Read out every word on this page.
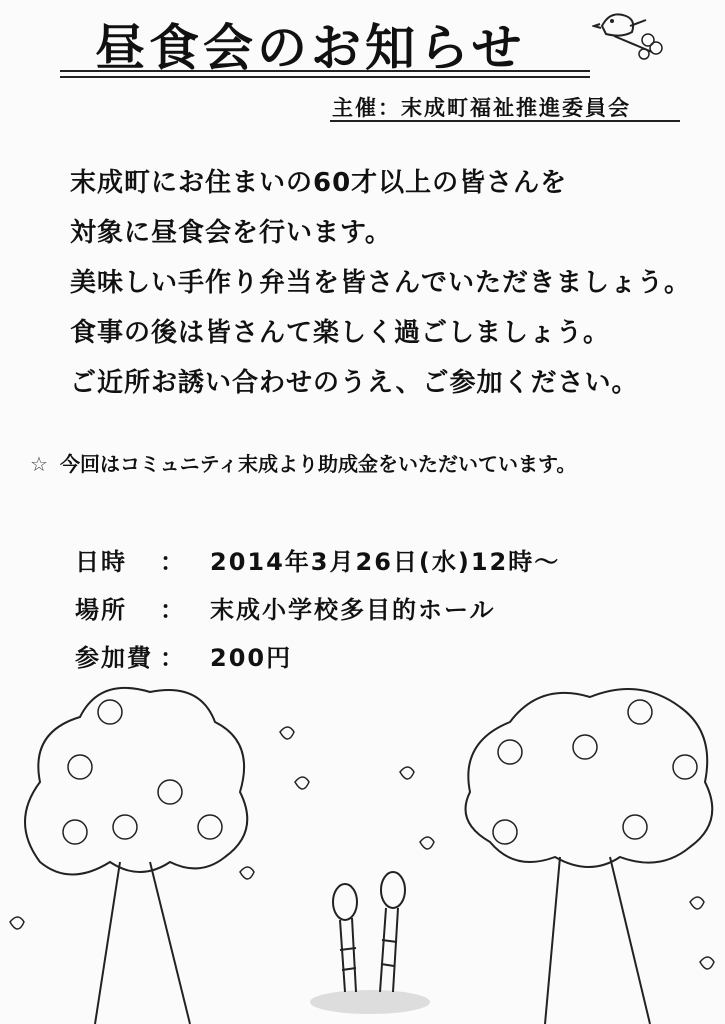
昼食会のお知らせ
主催：末成町福祉推進委員会
末成町にお住まいの60才以上の皆さんを
対象に昼食会を行います。
美味しい手作り弁当を皆さんでいただきましょう。
食事の後は皆さんて楽しく過ごしましょう。
ご近所お誘い合わせのうえ、ご参加ください。
☆ 今回はコミュニティ末成より助成金をいただいています。
日時 ： 2014年3月26日(水)12時～
場所 ： 末成小学校多目的ホール
参加費 ： 200円
